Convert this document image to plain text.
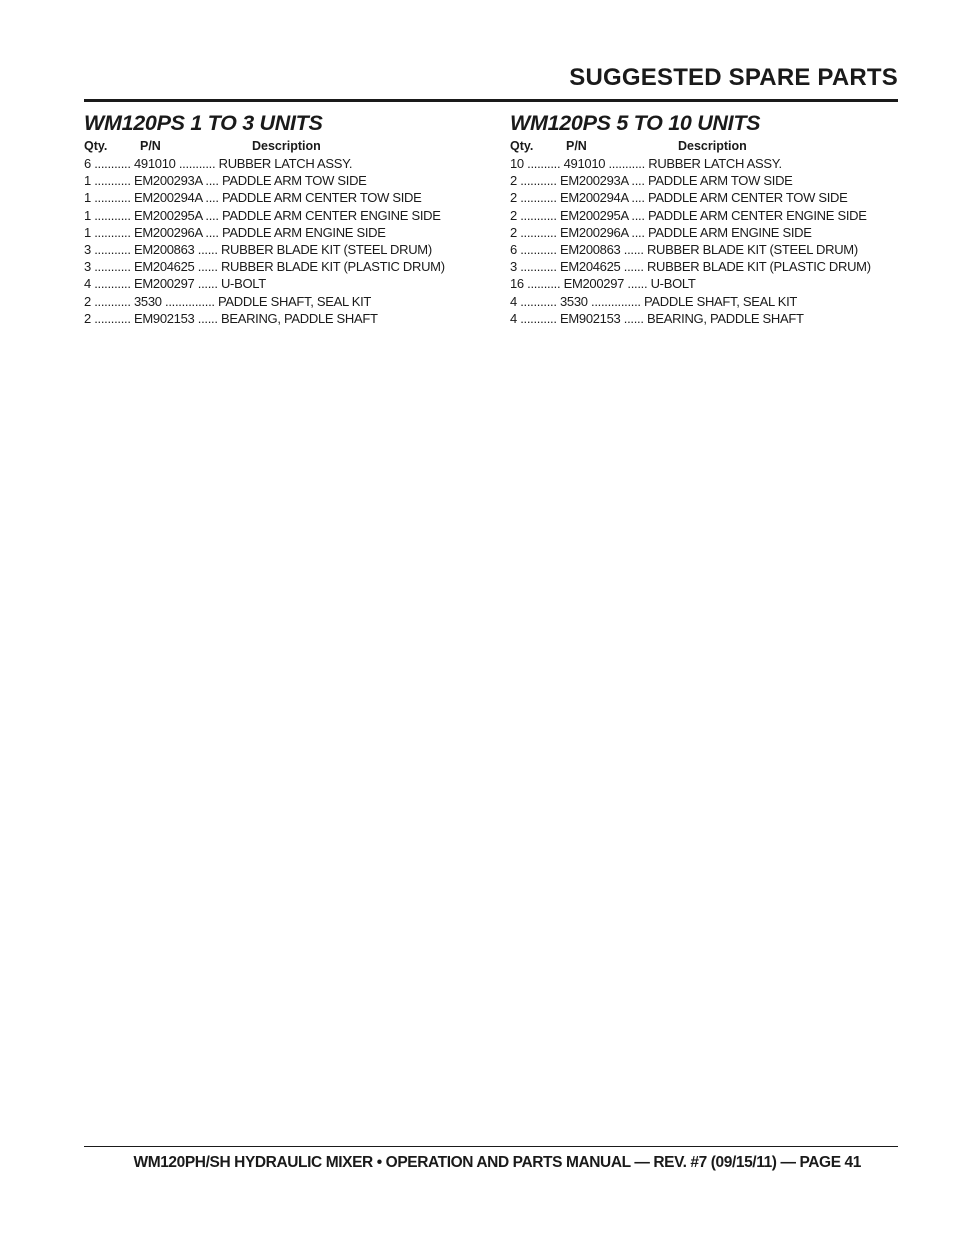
SUGGESTED SPARE PARTS
WM120PS 1 TO 3 UNITS
Qty.	P/N	Description
6 ........... 491010 ........... RUBBER LATCH ASSY.
1 ........... EM200293A .... PADDLE ARM TOW SIDE
1 ........... EM200294A .... PADDLE ARM CENTER TOW SIDE
1 ........... EM200295A .... PADDLE ARM CENTER ENGINE SIDE
1 ........... EM200296A .... PADDLE ARM ENGINE SIDE
3 ........... EM200863 ...... RUBBER BLADE KIT (STEEL DRUM)
3 ........... EM204625 ...... RUBBER BLADE KIT (PLASTIC DRUM)
4 ........... EM200297 ...... U-BOLT
2 ........... 3530 ............... PADDLE SHAFT, SEAL KIT
2 ........... EM902153 ...... BEARING, PADDLE SHAFT
WM120PS 5 TO 10 UNITS
Qty.	P/N	Description
10 .......... 491010 ........... RUBBER LATCH ASSY.
2 ........... EM200293A .... PADDLE ARM TOW SIDE
2 ........... EM200294A .... PADDLE ARM CENTER TOW SIDE
2 ........... EM200295A .... PADDLE ARM CENTER ENGINE SIDE
2 ........... EM200296A .... PADDLE ARM ENGINE SIDE
6 ........... EM200863 ...... RUBBER BLADE KIT (STEEL DRUM)
3 ........... EM204625 ...... RUBBER BLADE KIT (PLASTIC DRUM)
16 .......... EM200297 ...... U-BOLT
4 ........... 3530 ............... PADDLE SHAFT, SEAL KIT
4 ........... EM902153 ...... BEARING, PADDLE SHAFT
WM120PH/SH HYDRAULIC MIXER • OPERATION AND PARTS MANUAL — REV. #7 (09/15/11) — PAGE 41
